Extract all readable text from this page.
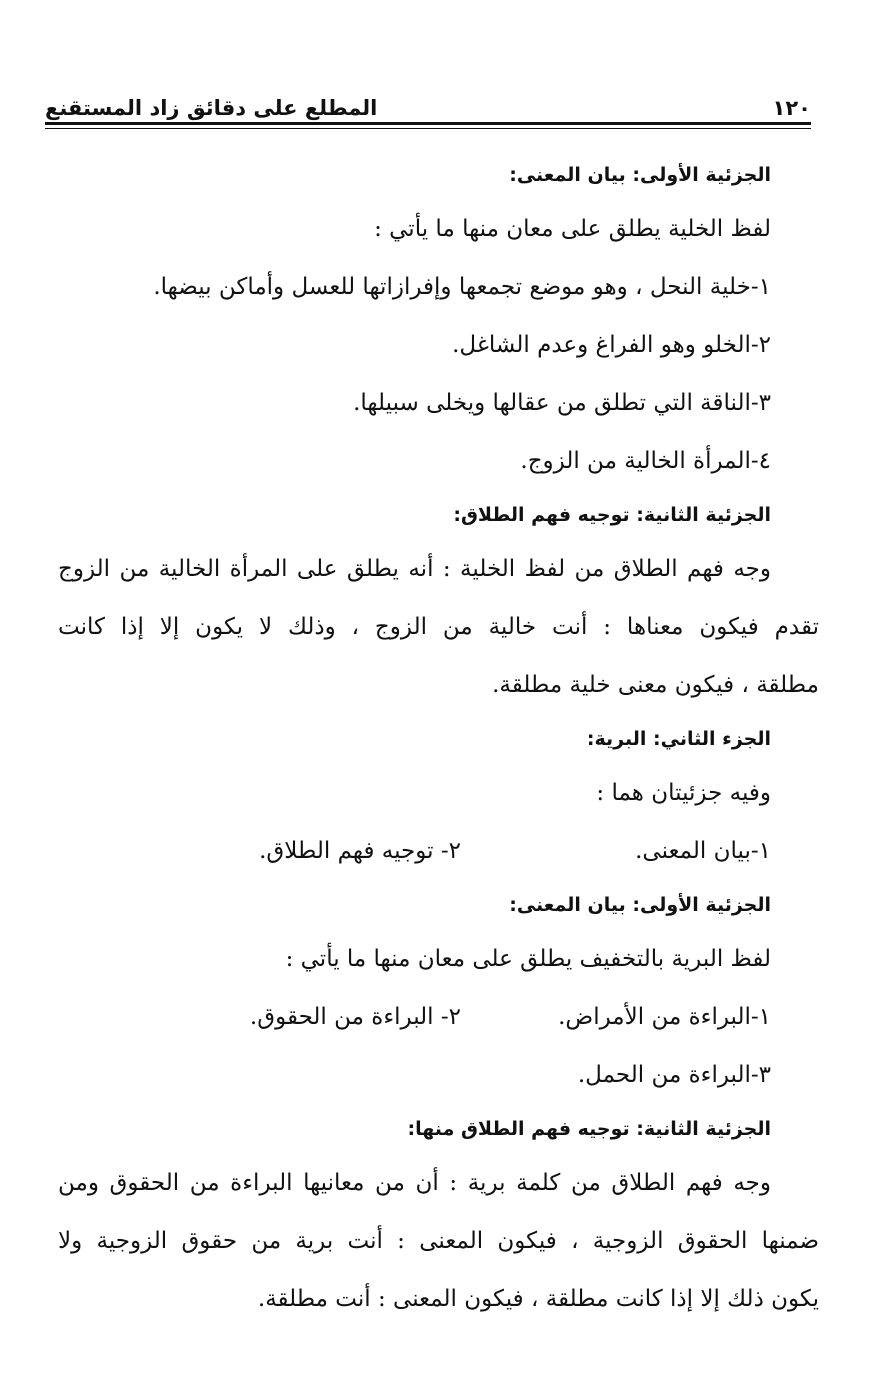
١٢٠
المطلع على دقائق زاد المستقنع
الجزئية الأولى: بيان المعنى:
لفظ الخلية يطلق على معان منها ما يأتي :
١-خلية النحل ، وهو موضع تجمعها وإفرازاتها للعسل وأماكن بيضها.
٢-الخلو وهو الفراغ وعدم الشاغل.
٣-الناقة التي تطلق من عقالها ويخلى سبيلها.
٤-المرأة الخالية من الزوج.
الجزئية الثانية: توجيه فهم الطلاق:
وجه فهم الطلاق من لفظ الخلية : أنه يطلق على المرأة الخالية من الزوج
تقدم فيكون معناها : أنت خالية من الزوج ، وذلك لا يكون إلا إذا كانت
مطلقة ، فيكون معنى خلية مطلقة.
الجزء الثاني: البرية:
وفيه جزئيتان هما :
١-بيان المعنى.
٢- توجيه فهم الطلاق.
الجزئية الأولى: بيان المعنى:
لفظ البرية بالتخفيف يطلق على معان منها ما يأتي :
١-البراءة من الأمراض.
٢- البراءة من الحقوق.
٣-البراءة من الحمل.
الجزئية الثانية: توجيه فهم الطلاق منها:
وجه فهم الطلاق من كلمة برية : أن من معانيها البراءة من الحقوق ومن
ضمنها الحقوق الزوجية ، فيكون المعنى : أنت برية من حقوق الزوجية ولا
يكون ذلك إلا إذا كانت مطلقة ، فيكون المعنى : أنت مطلقة.
